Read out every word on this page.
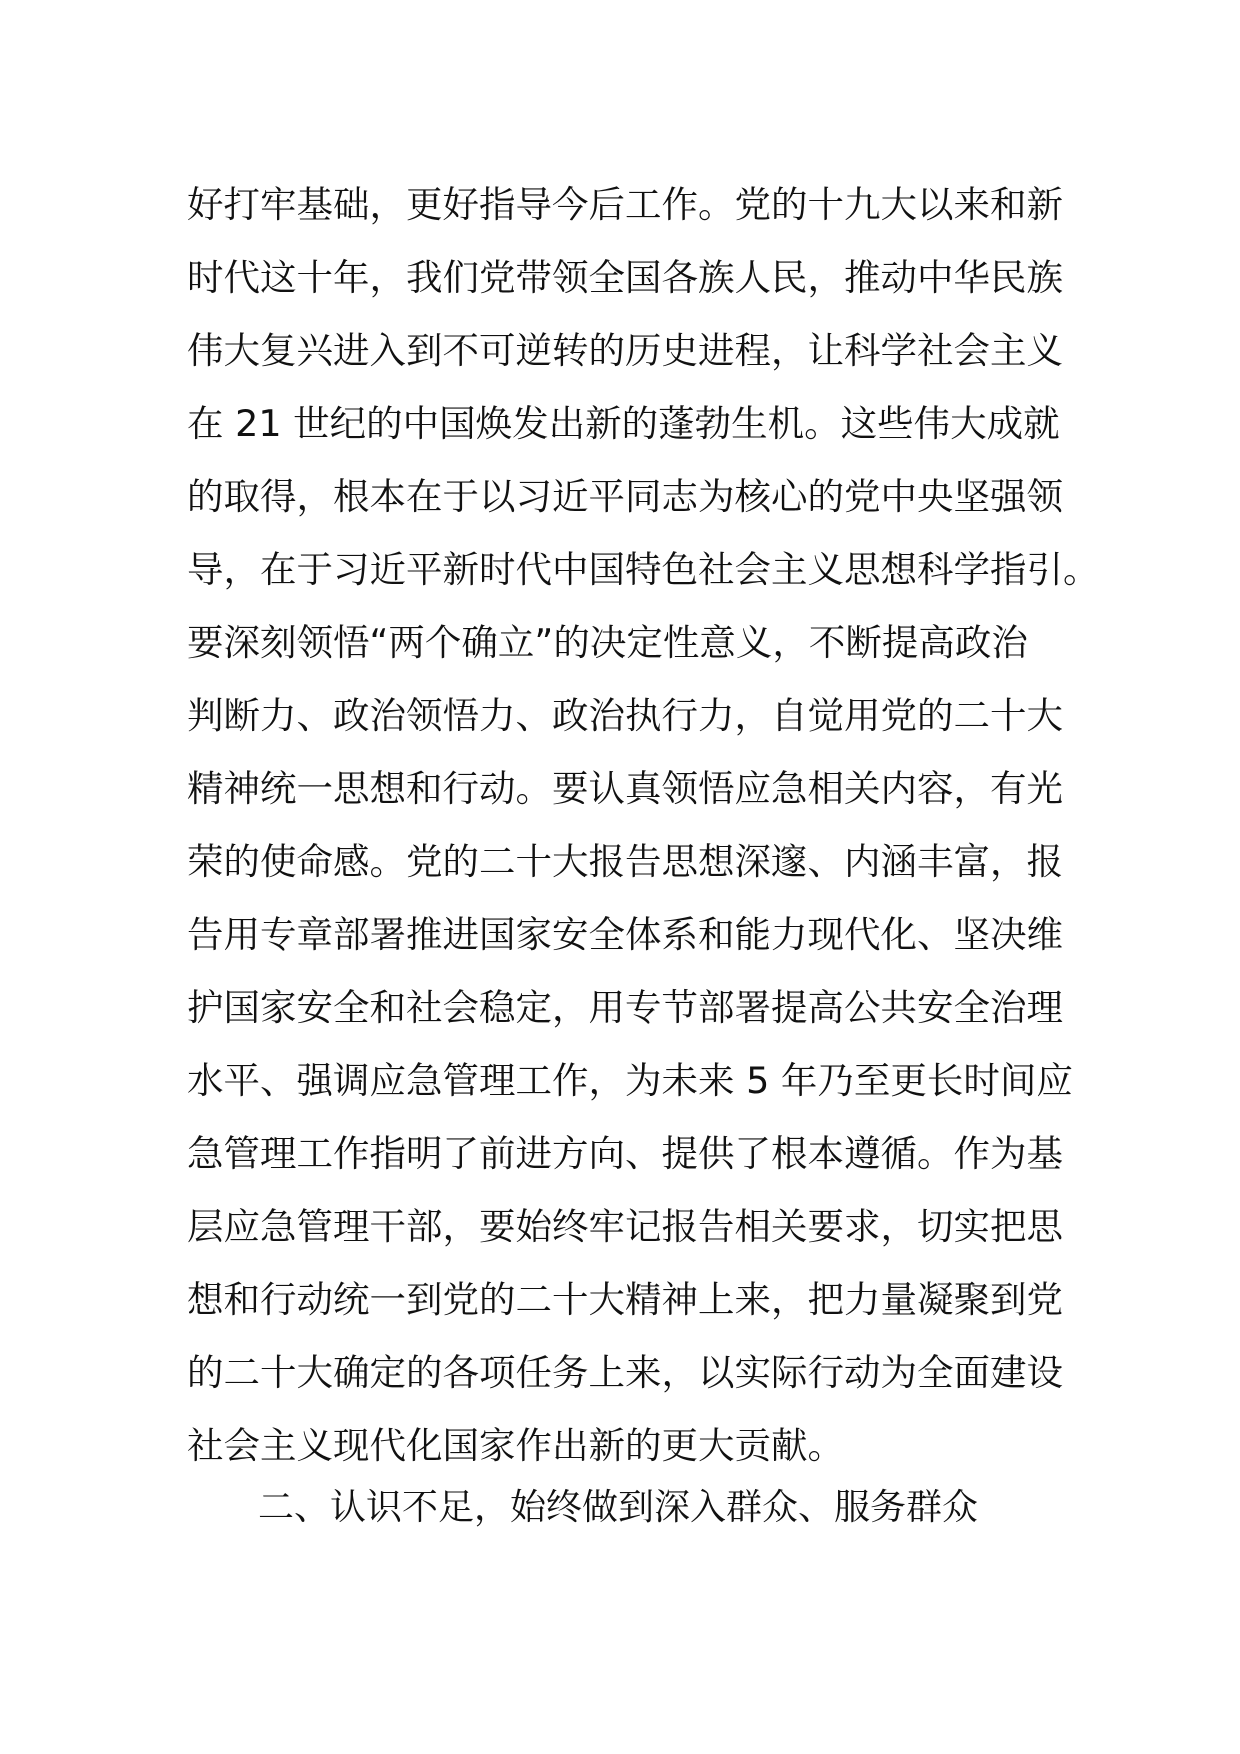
好打牢基础，更好指导今后工作。党的十九大以来和新
时代这十年，我们党带领全国各族人民，推动中华民族
伟大复兴进入到不可逆转的历史进程，让科学社会主义
在 21 世纪的中国焕发出新的蓬勃生机。这些伟大成就
的取得，根本在于以习近平同志为核心的党中央坚强领
导，在于习近平新时代中国特色社会主义思想科学指引。
要深刻领悟“两个确立”的决定性意义，不断提高政治
判断力、政治领悟力、政治执行力，自觉用党的二十大
精神统一思想和行动。要认真领悟应急相关内容，有光
荣的使命感。党的二十大报告思想深邃、内涵丰富，报
告用专章部署推进国家安全体系和能力现代化、坚决维
护国家安全和社会稳定，用专节部署提高公共安全治理
水平、强调应急管理工作，为未来 5 年乃至更长时间应
急管理工作指明了前进方向、提供了根本遵循。作为基
层应急管理干部，要始终牢记报告相关要求，切实把思
想和行动统一到党的二十大精神上来，把力量凝聚到党
的二十大确定的各项任务上来，以实际行动为全面建设
社会主义现代化国家作出新的更大贡献。
二、认识不足，始终做到深入群众、服务群众
